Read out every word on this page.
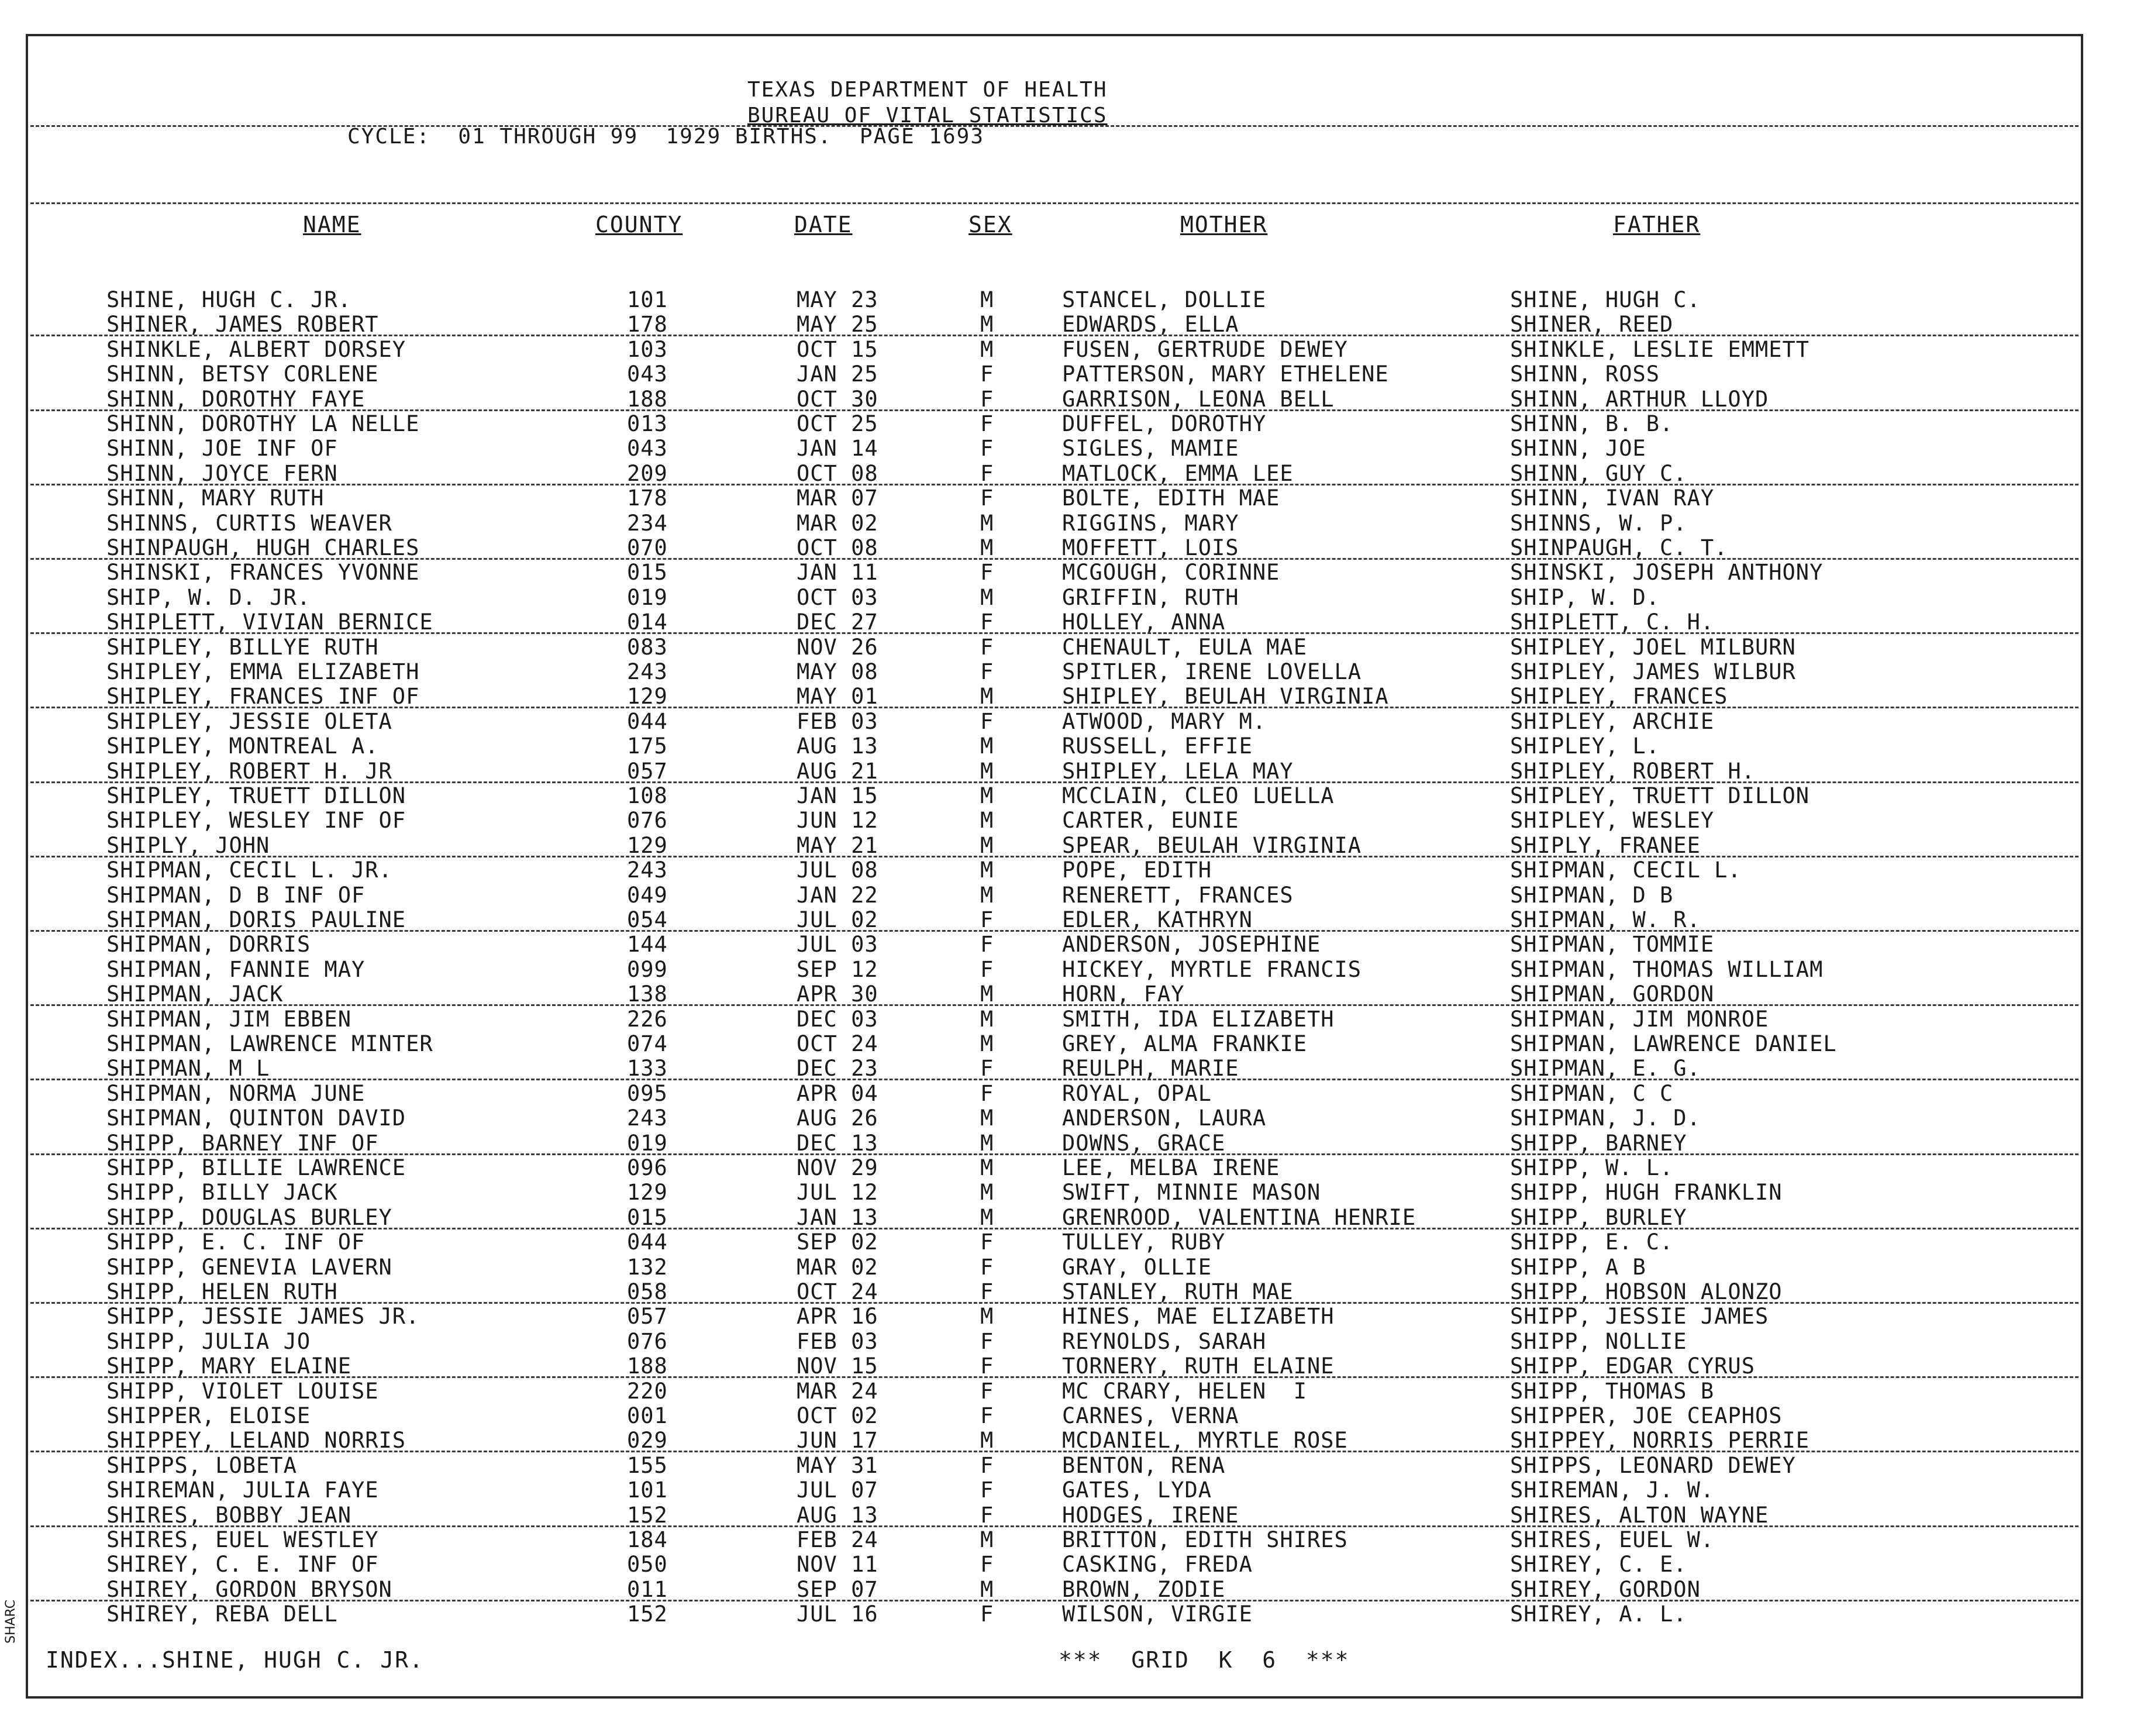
TEXAS DEPARTMENT OF HEALTH
BUREAU OF VITAL STATISTICS
CYCLE:  01 THROUGH 99  1929 BIRTHS.  PAGE 1693
NAME	COUNTY	DATE	SEX	MOTHER	FATHER
SHINE, HUGH C. JR.	101	MAY 23	M	STANCEL, DOLLIE	SHINE, HUGH C.
SHINER, JAMES ROBERT	178	MAY 25	M	EDWARDS, ELLA	SHINER, REED
SHINKLE, ALBERT DORSEY	103	OCT 15	M	FUSEN, GERTRUDE DEWEY	SHINKLE, LESLIE EMMETT
SHINN, BETSY CORLENE	043	JAN 25	F	PATTERSON, MARY ETHELENE	SHINN, ROSS
SHINN, DOROTHY FAYE	188	OCT 30	F	GARRISON, LEONA BELL	SHINN, ARTHUR LLOYD
SHINN, DOROTHY LA NELLE	013	OCT 25	F	DUFFEL, DOROTHY	SHINN, B. B.
SHINN, JOE INF OF	043	JAN 14	F	SIGLES, MAMIE	SHINN, JOE
SHINN, JOYCE FERN	209	OCT 08	F	MATLOCK, EMMA LEE	SHINN, GUY C.
SHINN, MARY RUTH	178	MAR 07	F	BOLTE, EDITH MAE	SHINN, IVAN RAY
SHINNS, CURTIS WEAVER	234	MAR 02	M	RIGGINS, MARY	SHINNS, W. P.
SHINPAUGH, HUGH CHARLES	070	OCT 08	M	MOFFETT, LOIS	SHINPAUGH, C. T.
SHINSKI, FRANCES YVONNE	015	JAN 11	F	MCGOUGH, CORINNE	SHINSKI, JOSEPH ANTHONY
SHIP, W. D. JR.	019	OCT 03	M	GRIFFIN, RUTH	SHIP, W. D.
SHIPLETT, VIVIAN BERNICE	014	DEC 27	F	HOLLEY, ANNA	SHIPLETT, C. H.
SHIPLEY, BILLYE RUTH	083	NOV 26	F	CHENAULT, EULA MAE	SHIPLEY, JOEL MILBURN
SHIPLEY, EMMA ELIZABETH	243	MAY 08	F	SPITLER, IRENE LOVELLA	SHIPLEY, JAMES WILBUR
SHIPLEY, FRANCES INF OF	129	MAY 01	M	SHIPLEY, BEULAH VIRGINIA	SHIPLEY, FRANCES
SHIPLEY, JESSIE OLETA	044	FEB 03	F	ATWOOD, MARY M.	SHIPLEY, ARCHIE
SHIPLEY, MONTREAL A.	175	AUG 13	M	RUSSELL, EFFIE	SHIPLEY, L.
SHIPLEY, ROBERT H. JR	057	AUG 21	M	SHIPLEY, LELA MAY	SHIPLEY, ROBERT H.
SHIPLEY, TRUETT DILLON	108	JAN 15	M	MCCLAIN, CLEO LUELLA	SHIPLEY, TRUETT DILLON
SHIPLEY, WESLEY INF OF	076	JUN 12	M	CARTER, EUNIE	SHIPLEY, WESLEY
SHIPLY, JOHN	129	MAY 21	M	SPEAR, BEULAH VIRGINIA	SHIPLY, FRANEE
SHIPMAN, CECIL L. JR.	243	JUL 08	M	POPE, EDITH	SHIPMAN, CECIL L.
SHIPMAN, D B INF OF	049	JAN 22	M	RENERETT, FRANCES	SHIPMAN, D B
SHIPMAN, DORIS PAULINE	054	JUL 02	F	EDLER, KATHRYN	SHIPMAN, W. R.
SHIPMAN, DORRIS	144	JUL 03	F	ANDERSON, JOSEPHINE	SHIPMAN, TOMMIE
SHIPMAN, FANNIE MAY	099	SEP 12	F	HICKEY, MYRTLE FRANCIS	SHIPMAN, THOMAS WILLIAM
SHIPMAN, JACK	138	APR 30	M	HORN, FAY	SHIPMAN, GORDON
SHIPMAN, JIM EBBEN	226	DEC 03	M	SMITH, IDA ELIZABETH	SHIPMAN, JIM MONROE
SHIPMAN, LAWRENCE MINTER	074	OCT 24	M	GREY, ALMA FRANKIE	SHIPMAN, LAWRENCE DANIEL
SHIPMAN, M L	133	DEC 23	F	REULPH, MARIE	SHIPMAN, E. G.
SHIPMAN, NORMA JUNE	095	APR 04	F	ROYAL, OPAL	SHIPMAN, C C
SHIPMAN, QUINTON DAVID	243	AUG 26	M	ANDERSON, LAURA	SHIPMAN, J. D.
SHIPP, BARNEY INF OF	019	DEC 13	M	DOWNS, GRACE	SHIPP, BARNEY
SHIPP, BILLIE LAWRENCE	096	NOV 29	M	LEE, MELBA IRENE	SHIPP, W. L.
SHIPP, BILLY JACK	129	JUL 12	M	SWIFT, MINNIE MASON	SHIPP, HUGH FRANKLIN
SHIPP, DOUGLAS BURLEY	015	JAN 13	M	GRENROOD, VALENTINA HENRIE	SHIPP, BURLEY
SHIPP, E. C. INF OF	044	SEP 02	F	TULLEY, RUBY	SHIPP, E. C.
SHIPP, GENEVIA LAVERN	132	MAR 02	F	GRAY, OLLIE	SHIPP, A B
SHIPP, HELEN RUTH	058	OCT 24	F	STANLEY, RUTH MAE	SHIPP, HOBSON ALONZO
SHIPP, JESSIE JAMES JR.	057	APR 16	M	HINES, MAE ELIZABETH	SHIPP, JESSIE JAMES
SHIPP, JULIA JO	076	FEB 03	F	REYNOLDS, SARAH	SHIPP, NOLLIE
SHIPP, MARY ELAINE	188	NOV 15	F	TORNERY, RUTH ELAINE	SHIPP, EDGAR CYRUS
SHIPP, VIOLET LOUISE	220	MAR 24	F	MC CRARY, HELEN  I	SHIPP, THOMAS B
SHIPPER, ELOISE	001	OCT 02	F	CARNES, VERNA	SHIPPER, JOE CEAPHOS
SHIPPEY, LELAND NORRIS	029	JUN 17	M	MCDANIEL, MYRTLE ROSE	SHIPPEY, NORRIS PERRIE
SHIPPS, LOBETA	155	MAY 31	F	BENTON, RENA	SHIPPS, LEONARD DEWEY
SHIREMAN, JULIA FAYE	101	JUL 07	F	GATES, LYDA	SHIREMAN, J. W.
SHIRES, BOBBY JEAN	152	AUG 13	F	HODGES, IRENE	SHIRES, ALTON WAYNE
SHIRES, EUEL WESTLEY	184	FEB 24	M	BRITTON, EDITH SHIRES	SHIRES, EUEL W.
SHIREY, C. E. INF OF	050	NOV 11	F	CASKING, FREDA	SHIREY, C. E.
SHIREY, GORDON BRYSON	011	SEP 07	M	BROWN, ZODIE	SHIREY, GORDON
SHIREY, REBA DELL	152	JUL 16	F	WILSON, VIRGIE	SHIREY, A. L.
INDEX...SHINE, HUGH C. JR.	***  GRID  K  6  ***
SHARC
